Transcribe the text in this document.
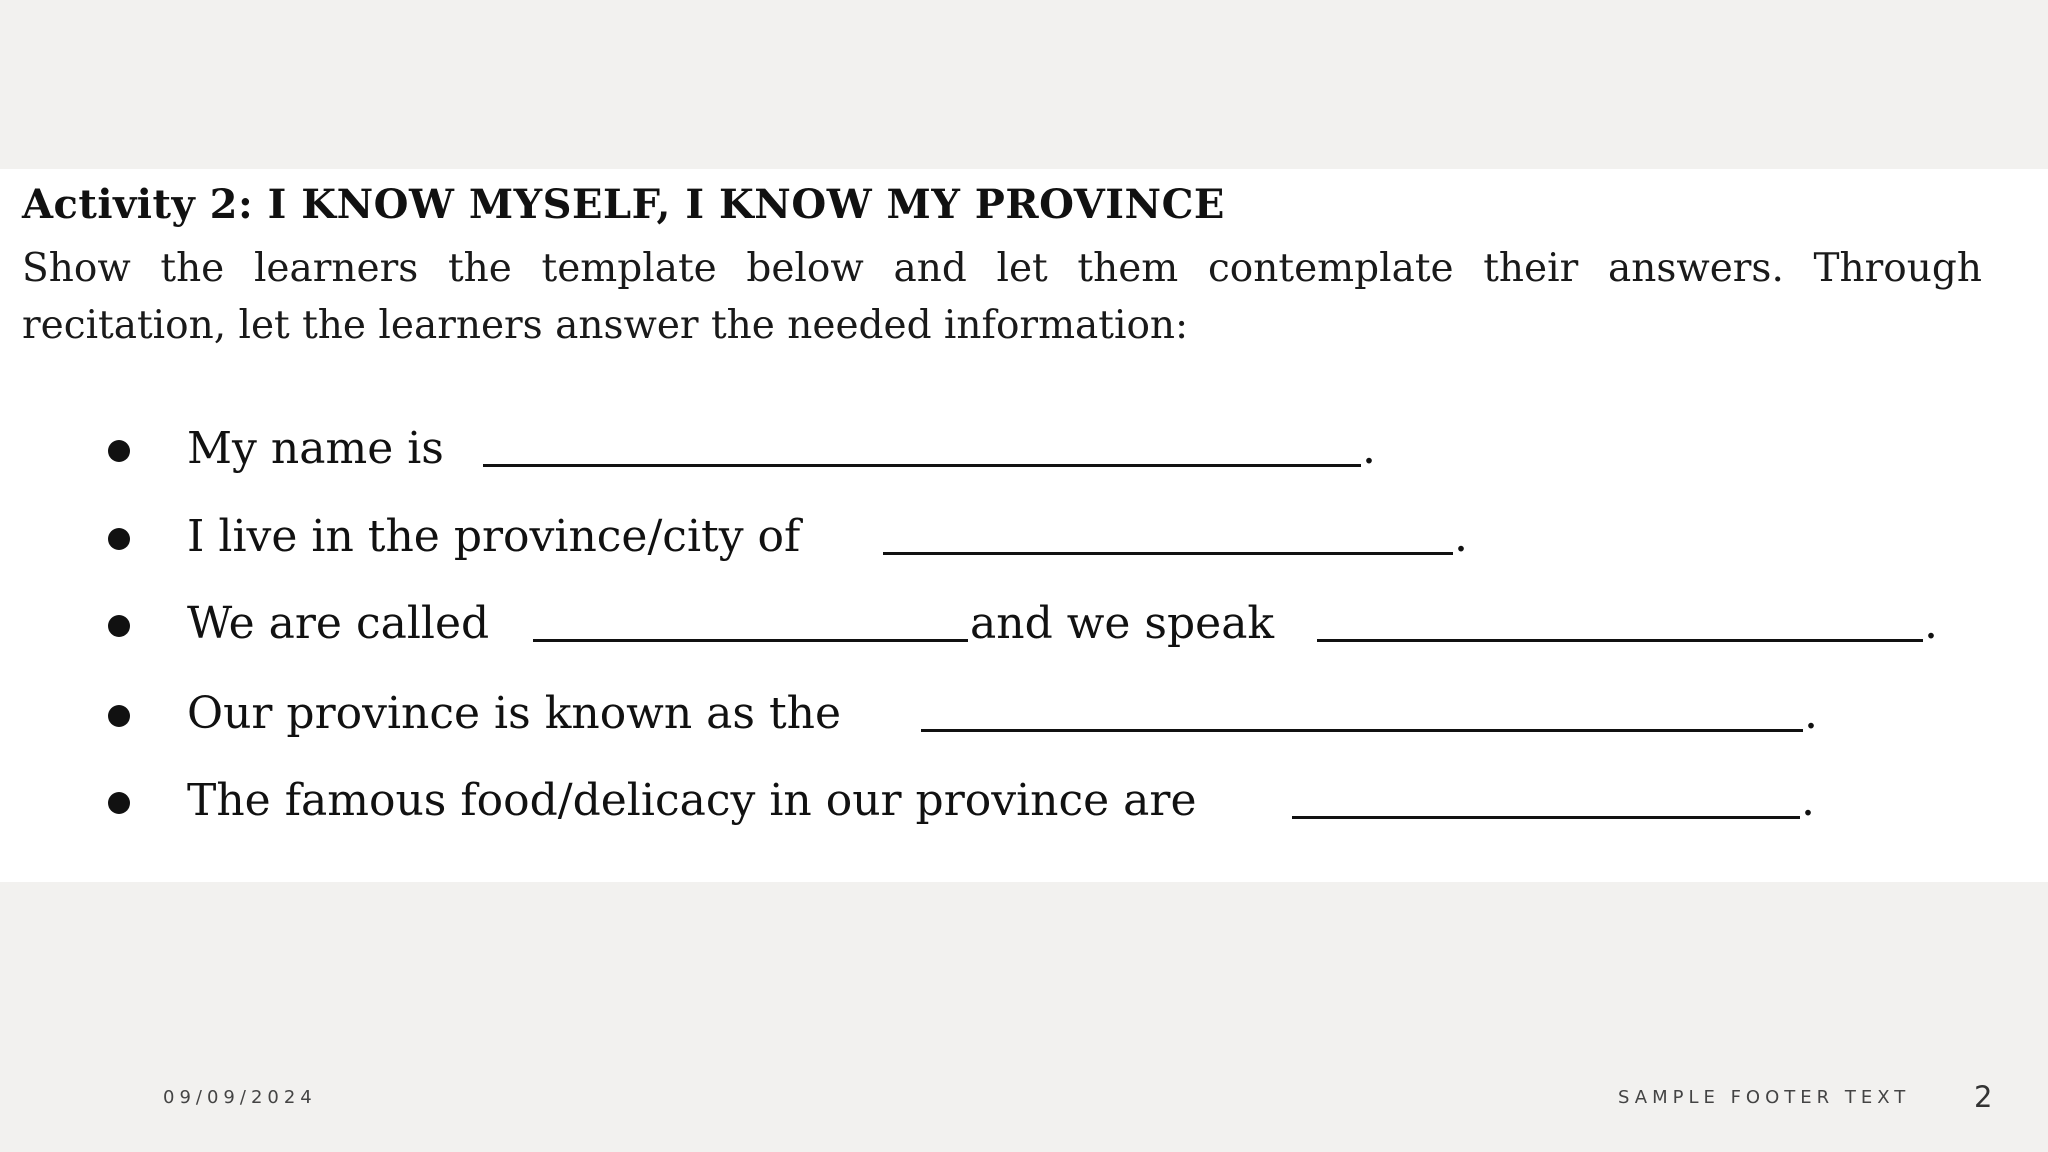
Activity 2: I KNOW MYSELF, I KNOW MY PROVINCE

Show the learners the template below and let them contemplate their answers. Through recitation, let the learners answer the needed information:

My name is	.
I live in the province/city of	.
We are called	and we speak	.
Our province is known as the	.
The famous food/delicacy in our province are	.
09/09/2024	SAMPLE FOOTER TEXT 2
